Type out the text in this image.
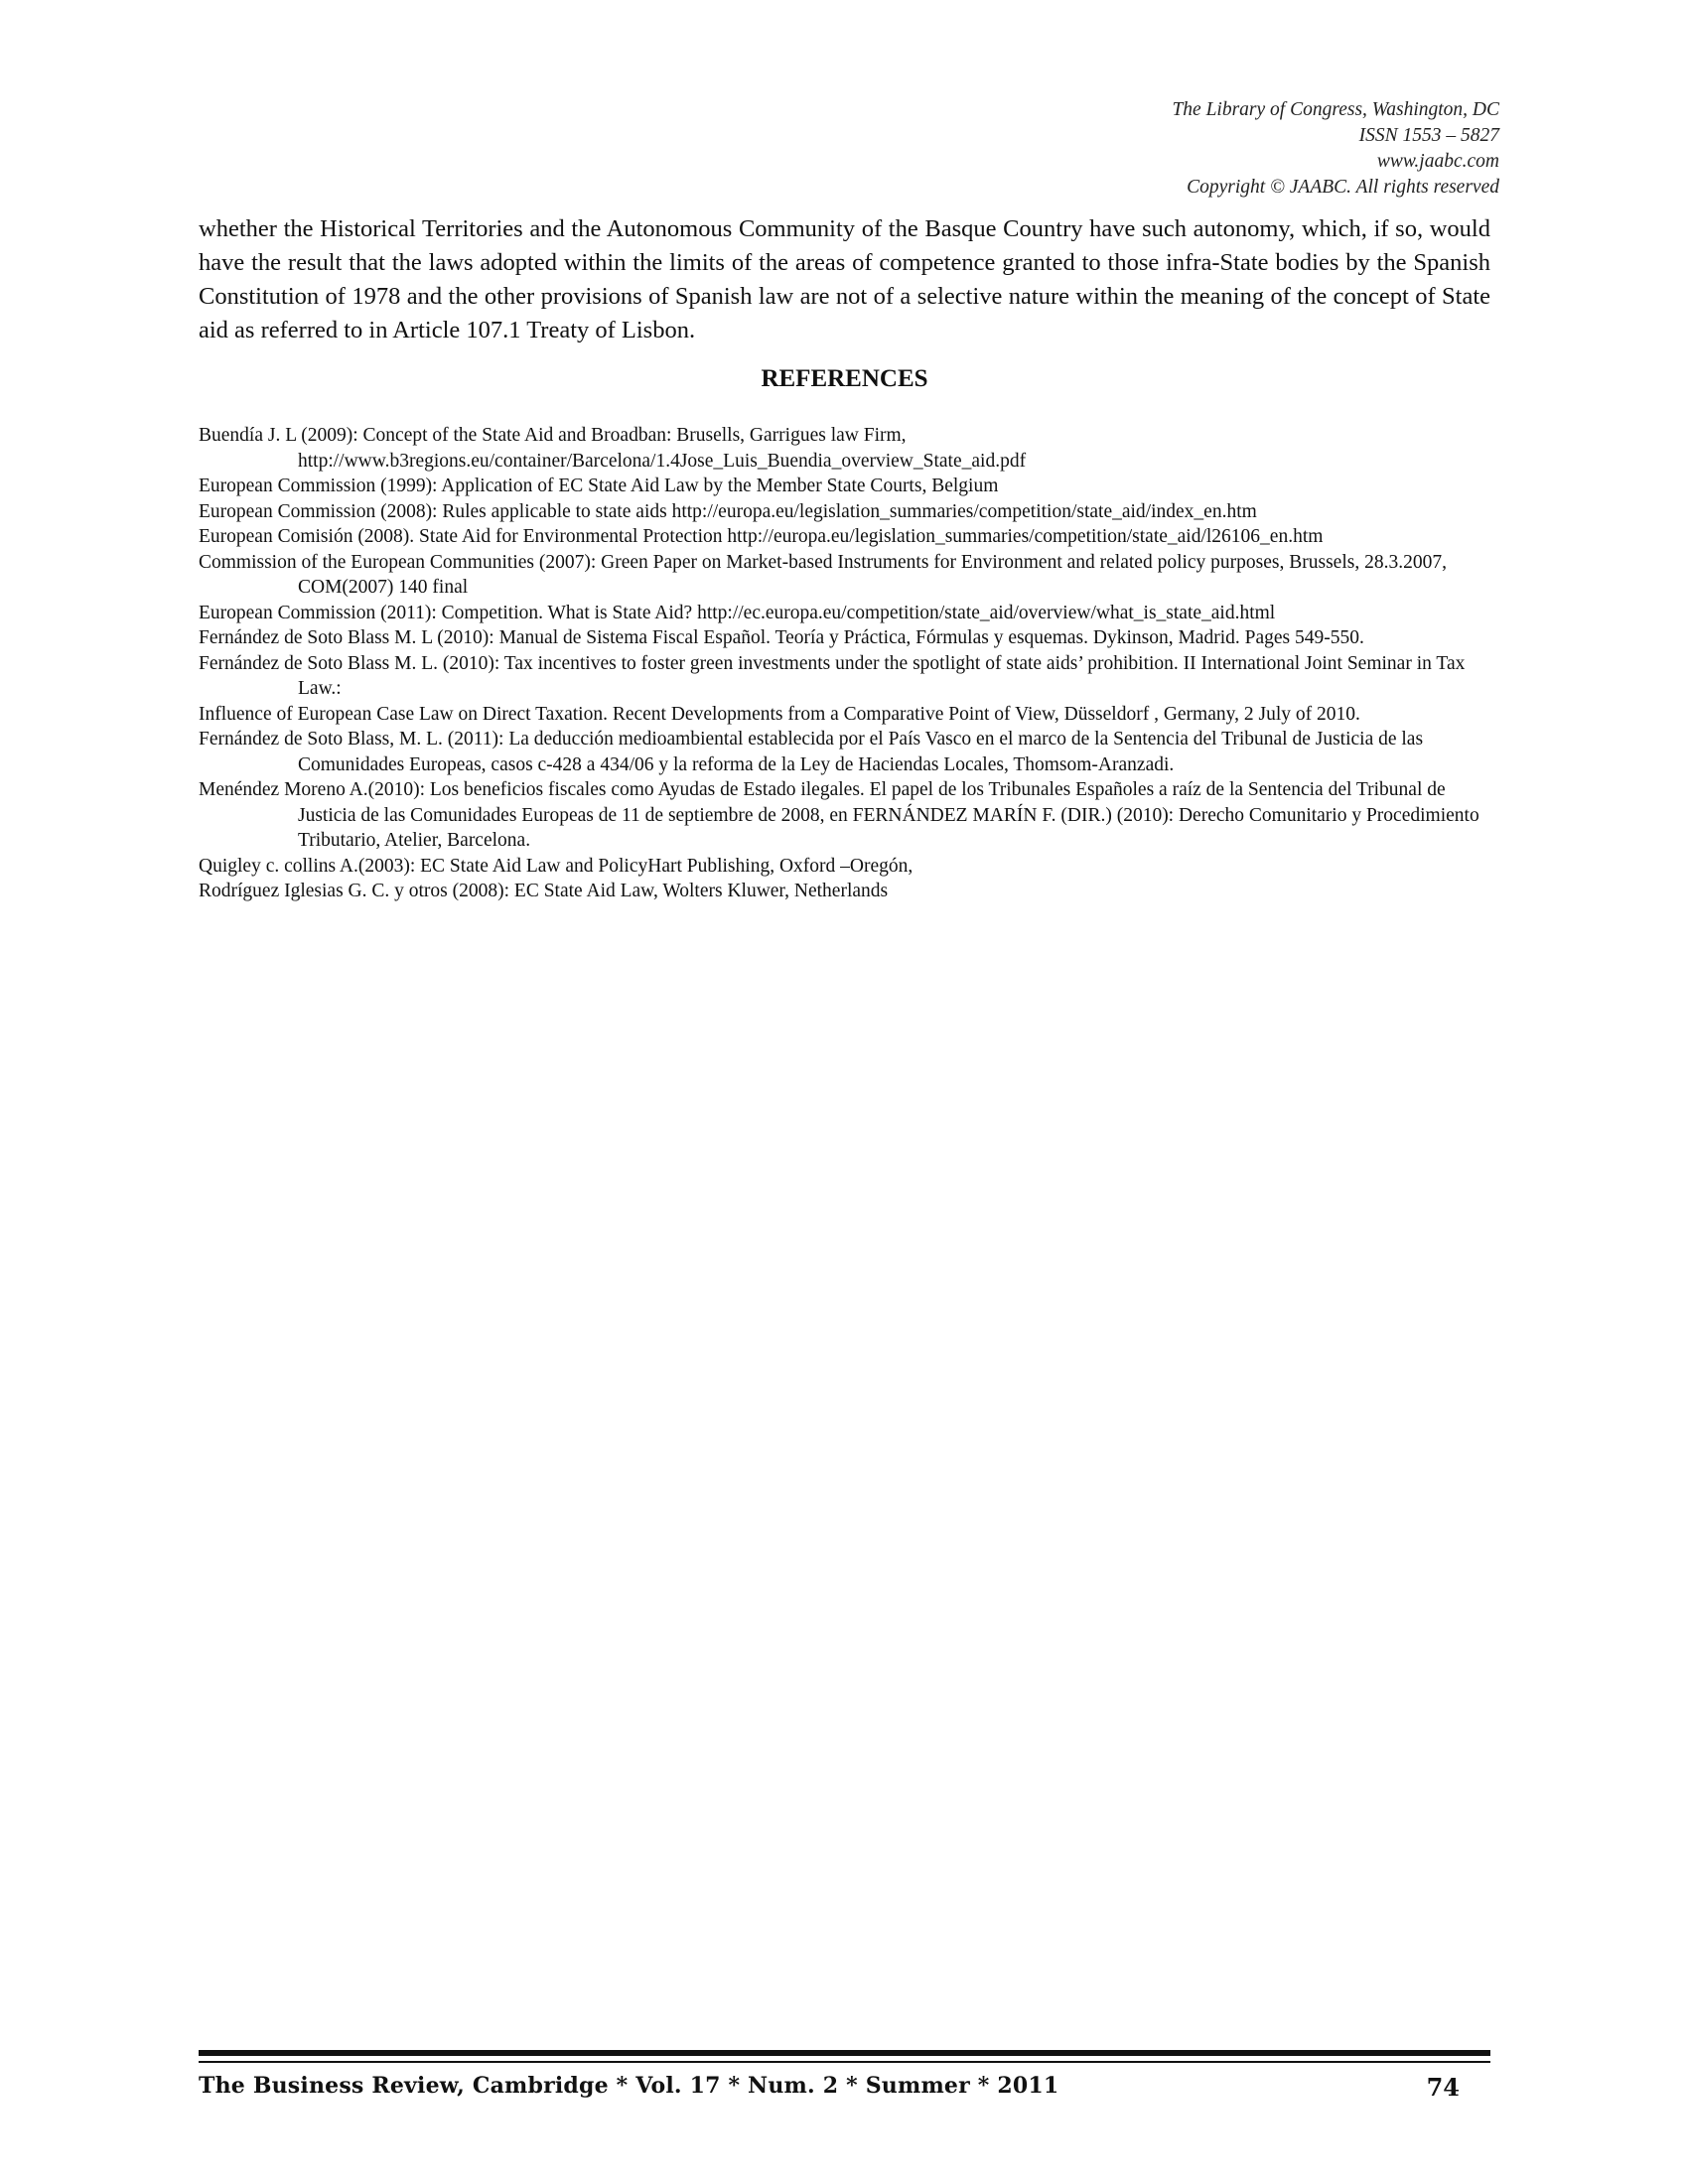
The Library of Congress, Washington, DC
ISSN 1553 – 5827
www.jaabc.com
Copyright © JAABC. All rights reserved

whether the Historical Territories and the Autonomous Community of the Basque Country have such autonomy, which, if so, would have the result that the laws adopted within the limits of the areas of competence granted to those infra-State bodies by the Spanish Constitution of 1978 and the other provisions of Spanish law are not of a selective nature within the meaning of the concept of State aid as referred to in Article 107.1 Treaty of Lisbon.

REFERENCES
Buendía J. L (2009): Concept of the State Aid and Broadban: Brusells, Garrigues law Firm, http://www.b3regions.eu/container/Barcelona/1.4Jose_Luis_Buendia_overview_State_aid.pdf
European Commission (1999): Application of EC State Aid Law by the Member State Courts, Belgium
European Commission (2008): Rules applicable to state aids http://europa.eu/legislation_summaries/competition/state_aid/index_en.htm
European Comisión (2008). State Aid for Environmental Protection http://europa.eu/legislation_summaries/competition/state_aid/l26106_en.htm
Commission of the European Communities (2007): Green Paper on Market-based Instruments for Environment and related policy purposes, Brussels, 28.3.2007, COM(2007) 140 final
European Commission (2011): Competition. What is State Aid? http://ec.europa.eu/competition/state_aid/overview/what_is_state_aid.html
Fernández de Soto Blass M. L (2010): Manual de Sistema Fiscal Español. Teoría y Práctica, Fórmulas y esquemas. Dykinson, Madrid. Pages 549-550.
Fernández de Soto Blass M. L. (2010): Tax incentives to foster green investments under the spotlight of state aids’ prohibition. II International Joint Seminar in Tax Law.:
Influence of European Case Law on Direct Taxation. Recent Developments from a Comparative Point of View, Düsseldorf , Germany, 2 July of 2010.
Fernández de Soto Blass, M. L. (2011): La deducción medioambiental establecida por el País Vasco en el marco de la Sentencia del Tribunal de Justicia de las Comunidades Europeas, casos c-428 a 434/06 y la reforma de la Ley de Haciendas Locales, Thomsom-Aranzadi.
Menéndez Moreno A.(2010): Los beneficios fiscales como Ayudas de Estado ilegales. El papel de los Tribunales Españoles a raíz de la Sentencia del Tribunal de Justicia de las Comunidades Europeas de 11 de septiembre de 2008, en FERNÁNDEZ MARÍN F. (DIR.) (2010): Derecho Comunitario y Procedimiento Tributario, Atelier, Barcelona.
Quigley c. collins A.(2003): EC State Aid Law and PolicyHart Publishing, Oxford –Oregón,
Rodríguez Iglesias G. C. y otros (2008): EC State Aid Law, Wolters Kluwer, Netherlands
The Business Review, Cambridge * Vol. 17 * Num. 2 * Summer * 2011	74
